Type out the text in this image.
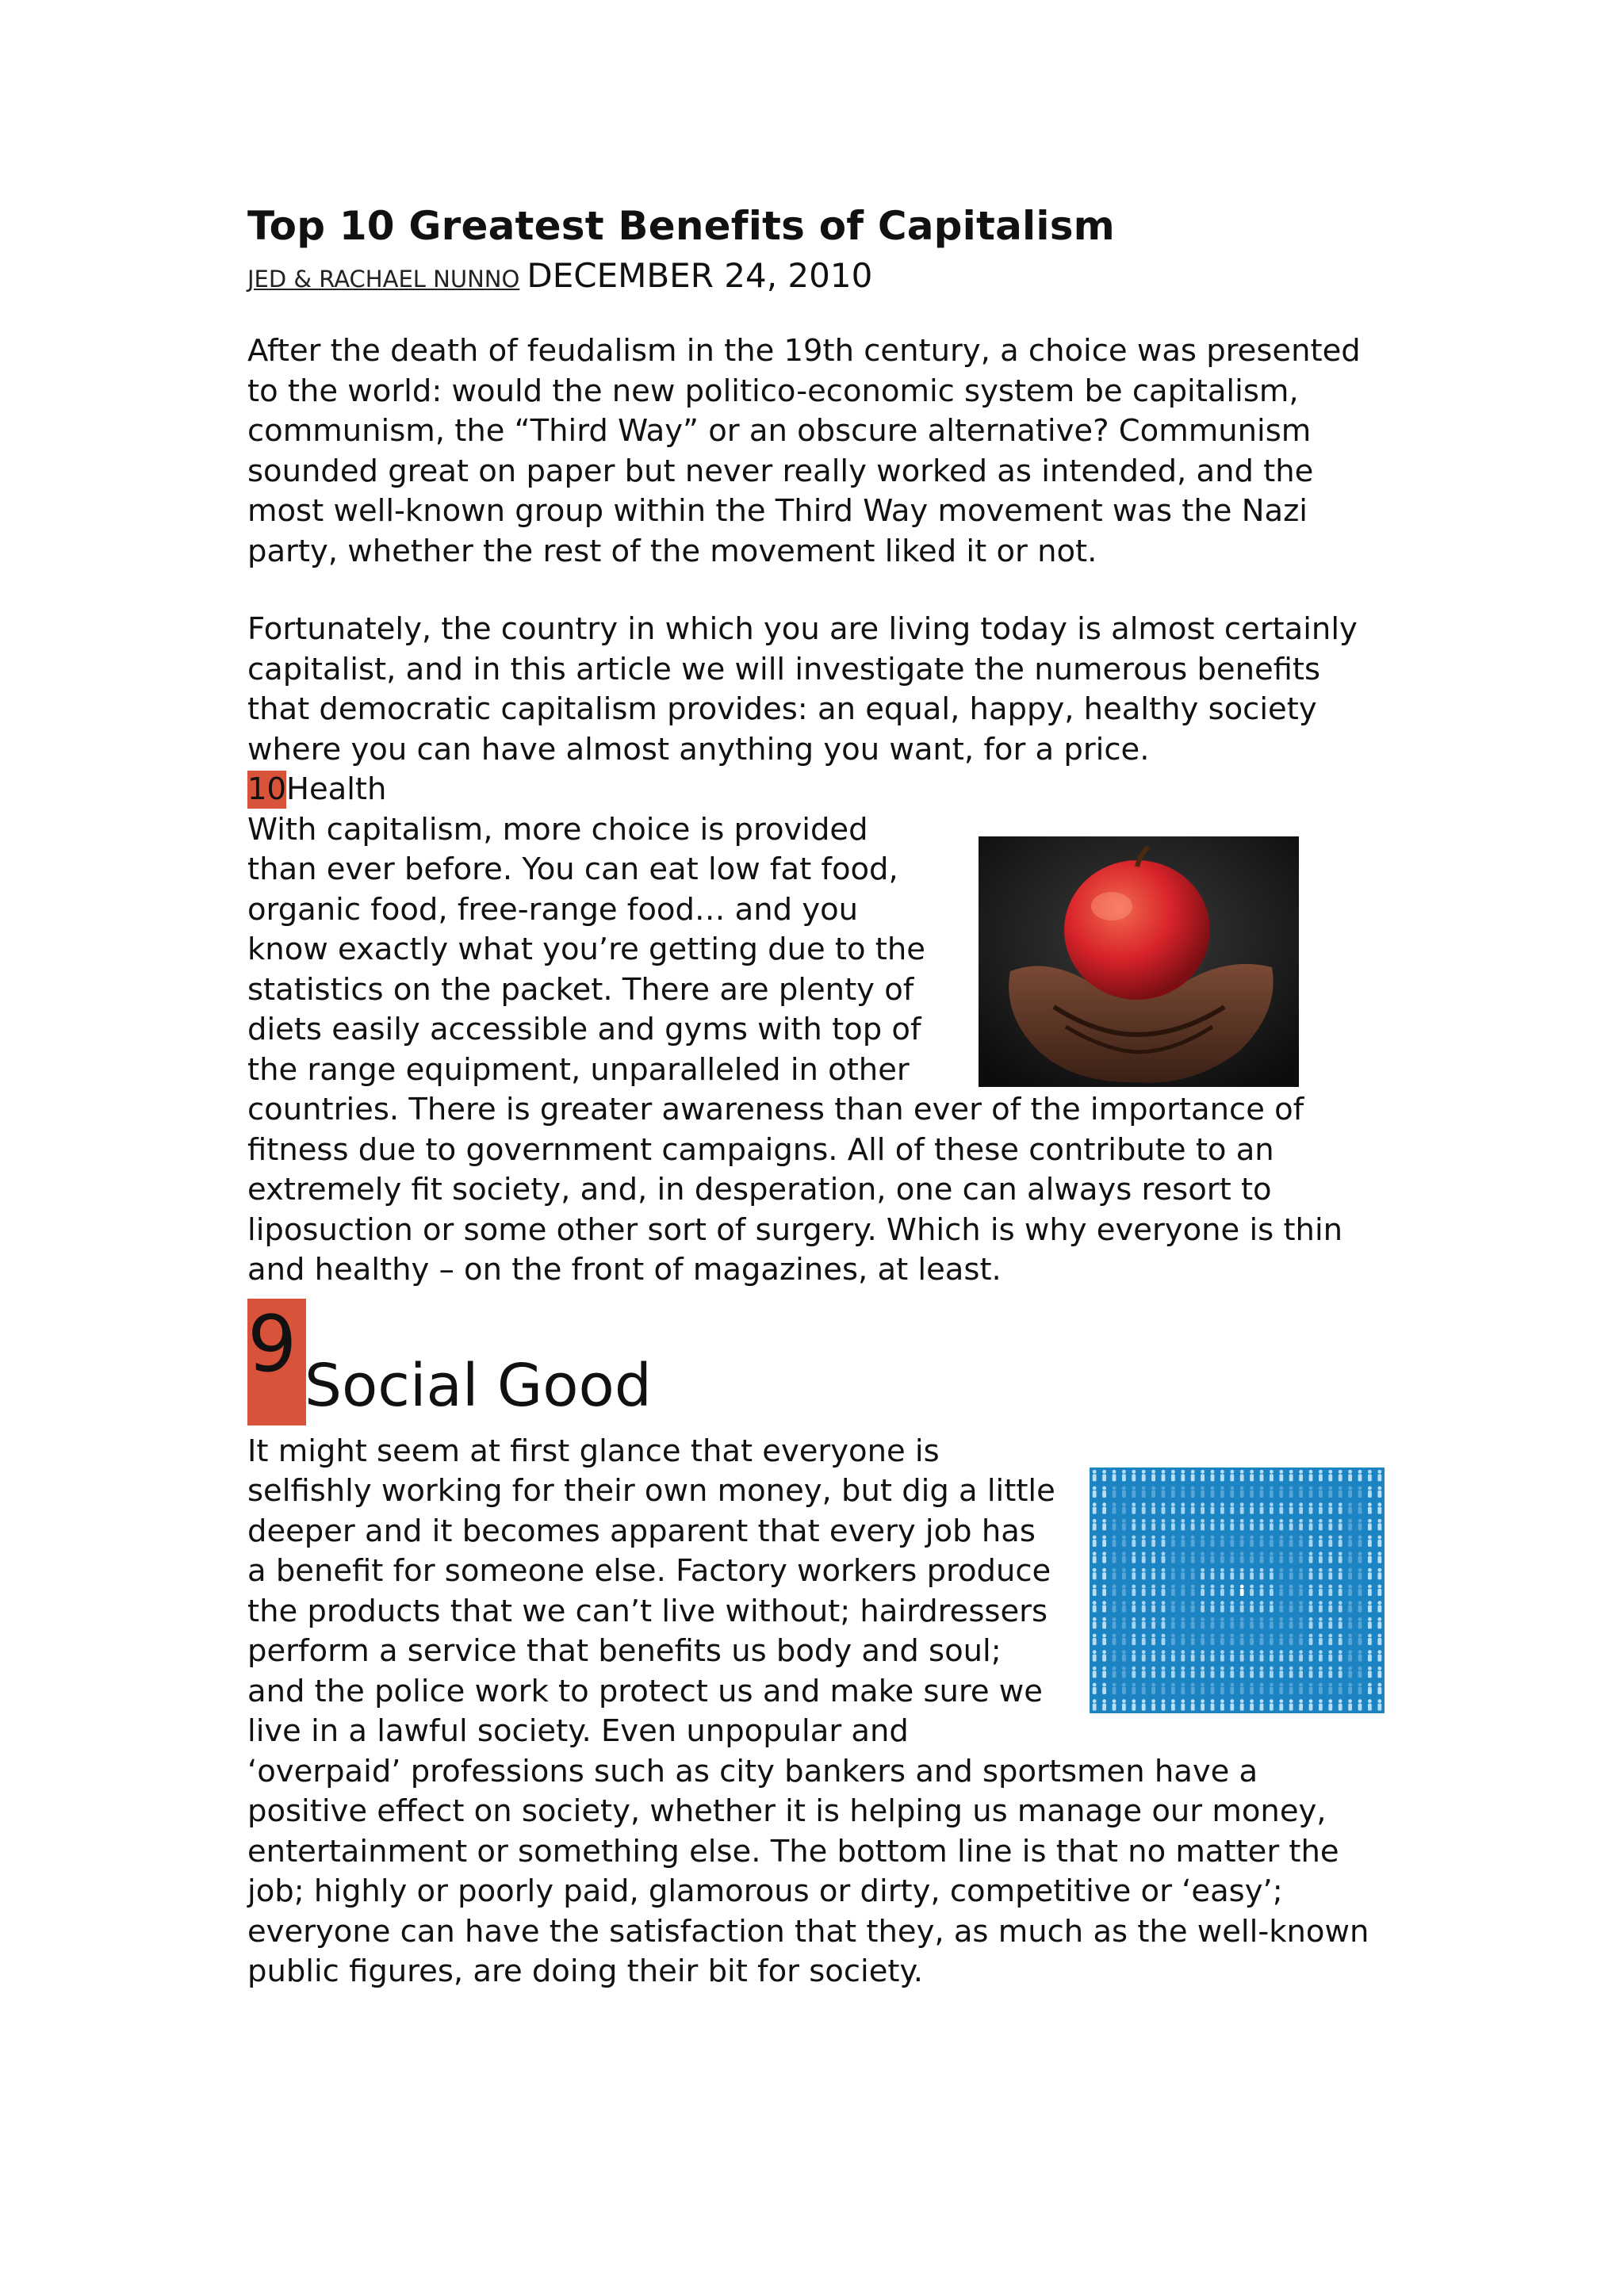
Top 10 Greatest Benefits of Capitalism
JED & RACHAEL NUNNO DECEMBER 24, 2010

After the death of feudalism in the 19th century, a choice was presented to the world: would the new politico-economic system be capitalism, communism, the “Third Way” or an obscure alternative? Communism sounded great on paper but never really worked as intended, and the most well-known group within the Third Way movement was the Nazi party, whether the rest of the movement liked it or not.

Fortunately, the country in which you are living today is almost certainly capitalist, and in this article we will investigate the numerous benefits that democratic capitalism provides: an equal, happy, healthy society where you can have almost anything you want, for a price.

10Health

With capitalism, more choice is provided than ever before. You can eat low fat food, organic food, free-range food… and you know exactly what you’re getting due to the statistics on the packet. There are plenty of diets easily accessible and gyms with top of the range equipment, unparalleled in other countries. There is greater awareness than ever of the importance of fitness due to government campaigns. All of these contribute to an extremely fit society, and, in desperation, one can always resort to liposuction or some other sort of surgery. Which is why everyone is thin and healthy – on the front of magazines, at least.

9 Social Good

It might seem at first glance that everyone is selfishly working for their own money, but dig a little deeper and it becomes apparent that every job has a benefit for someone else. Factory workers produce the products that we can’t live without; hairdressers perform a service that benefits us body and soul; and the police work to protect us and make sure we live in a lawful society. Even unpopular and ‘overpaid’ professions such as city bankers and sportsmen have a positive effect on society, whether it is helping us manage our money, entertainment or something else. The bottom line is that no matter the job; highly or poorly paid, glamorous or dirty, competitive or ‘easy’; everyone can have the satisfaction that they, as much as the well-known public figures, are doing their bit for society.
